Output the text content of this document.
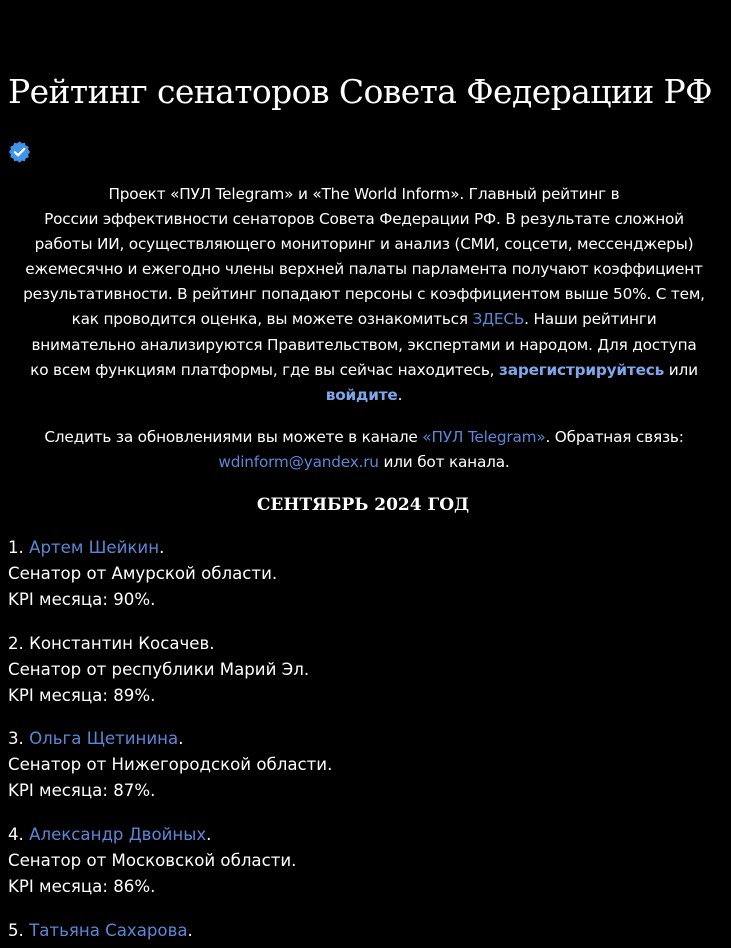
Рейтинг сенаторов Совета Федерации РФ
Проект «ПУЛ Telegram» и «The World Inform». Главный рейтинг в
России эффективности сенаторов Совета Федерации РФ. В результате сложной
работы ИИ, осуществляющего мониторинг и анализ (СМИ, соцсети, мессенджеры)
ежемесячно и ежегодно члены верхней палаты парламента получают коэффициент
результативности. В рейтинг попадают персоны с коэффициентом выше 50%. С тем,
как проводится оценка, вы можете ознакомиться ЗДЕСЬ. Наши рейтинги
внимательно анализируются Правительством, экспертами и народом. Для доступа
ко всем функциям платформы, где вы сейчас находитесь, зарегистрируйтесь или
войдите.
Следить за обновлениями вы можете в канале «ПУЛ Telegram». Обратная связь:
wdinform@yandex.ru или бот канала.
СЕНТЯБРЬ 2024 ГОД
1. Артем Шейкин.
Сенатор от Амурской области.
KPI месяца: 90%.
2. Константин Косачев.
Сенатор от республики Марий Эл.
KPI месяца: 89%.
3. Ольга Щетинина.
Сенатор от Нижегородской области.
KPI месяца: 87%.
4. Александр Двойных.
Сенатор от Московской области.
KPI месяца: 86%.
5. Татьяна Сахарова.
